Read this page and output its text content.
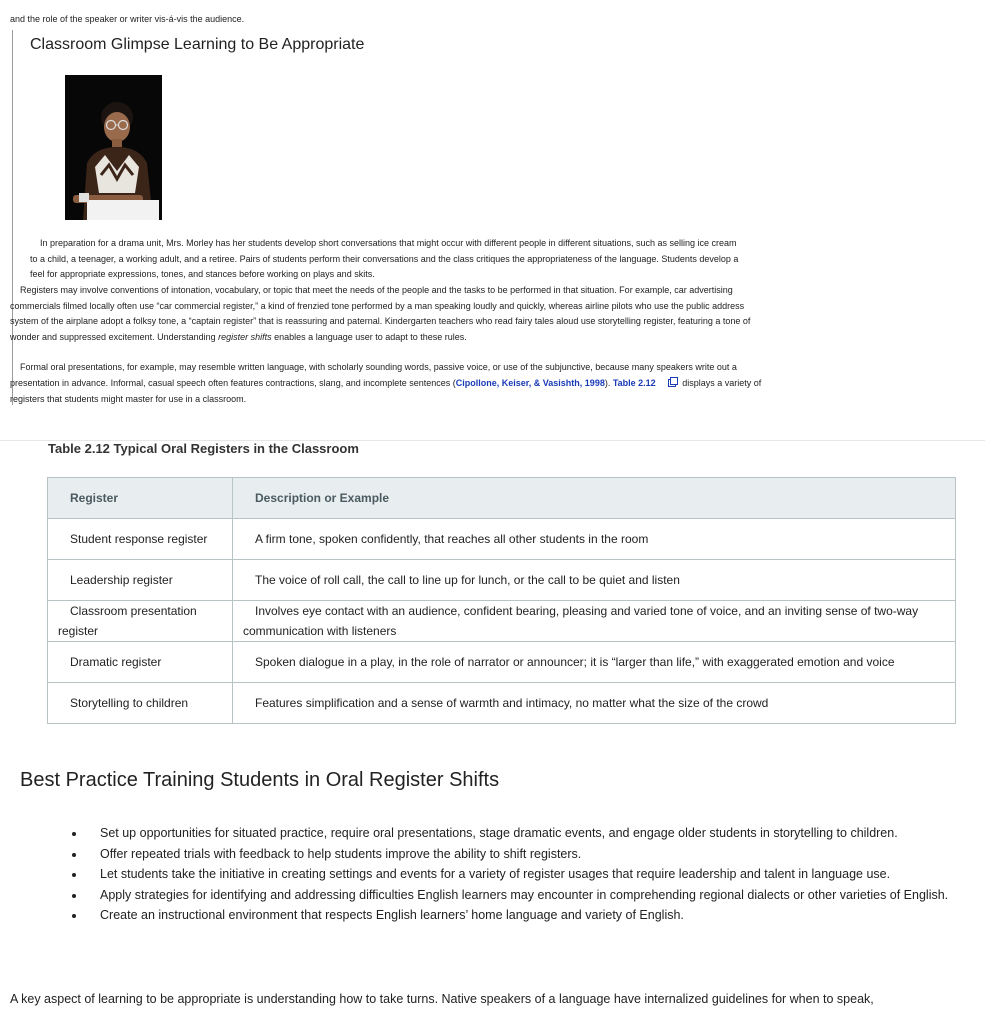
and the role of the speaker or writer vis-á-vis the audience.
Classroom Glimpse Learning to Be Appropriate

In preparation for a drama unit, Mrs. Morley has her students develop short conversations that might occur with different people in different situations, such as selling ice cream to a child, a teenager, a working adult, and a retiree. Pairs of students perform their conversations and the class critiques the appropriateness of the language. Students develop a feel for appropriate expressions, tones, and stances before working on plays and skits.

Registers may involve conventions of intonation, vocabulary, or topic that meet the needs of the people and the tasks to be performed in that situation. For example, car advertising commercials filmed locally often use “car commercial register,” a kind of frenzied tone performed by a man speaking loudly and quickly, whereas airline pilots who use the public address system of the airplane adopt a folksy tone, a “captain register” that is reassuring and paternal. Kindergarten teachers who read fairy tales aloud use storytelling register, featuring a tone of wonder and suppressed excitement. Understanding register shifts enables a language user to adapt to these rules.

Formal oral presentations, for example, may resemble written language, with scholarly sounding words, passive voice, or use of the subjunctive, because many speakers write out a presentation in advance. Informal, casual speech often features contractions, slang, and incomplete sentences (Cipollone, Keiser, & Vasishth, 1998). Table 2.12	displays a variety of registers that students might master for use in a classroom.

Table 2.12 Typical Oral Registers in the Classroom
Register	Description or Example
Student response register	A firm tone, spoken confidently, that reaches all other students in the room
Leadership register	The voice of roll call, the call to line up for lunch, or the call to be quiet and listen
Classroom presentation register	Involves eye contact with an audience, confident bearing, pleasing and varied tone of voice, and an inviting sense of two-way communication with listeners
Dramatic register	Spoken dialogue in a play, in the role of narrator or announcer; it is “larger than life,” with exaggerated emotion and voice
Storytelling to children	Features simplification and a sense of warmth and intimacy, no matter what the size of the crowd
Best Practice Training Students in Oral Register Shifts
• Set up opportunities for situated practice, require oral presentations, stage dramatic events, and engage older students in storytelling to children.
• Offer repeated trials with feedback to help students improve the ability to shift registers.
• Let students take the initiative in creating settings and events for a variety of register usages that require leadership and talent in language use.
• Apply strategies for identifying and addressing difficulties English learners may encounter in comprehending regional dialects or other varieties of English.
• Create an instructional environment that respects English learners’ home language and variety of English.

A key aspect of learning to be appropriate is understanding how to take turns. Native speakers of a language have internalized guidelines for when to speak,
